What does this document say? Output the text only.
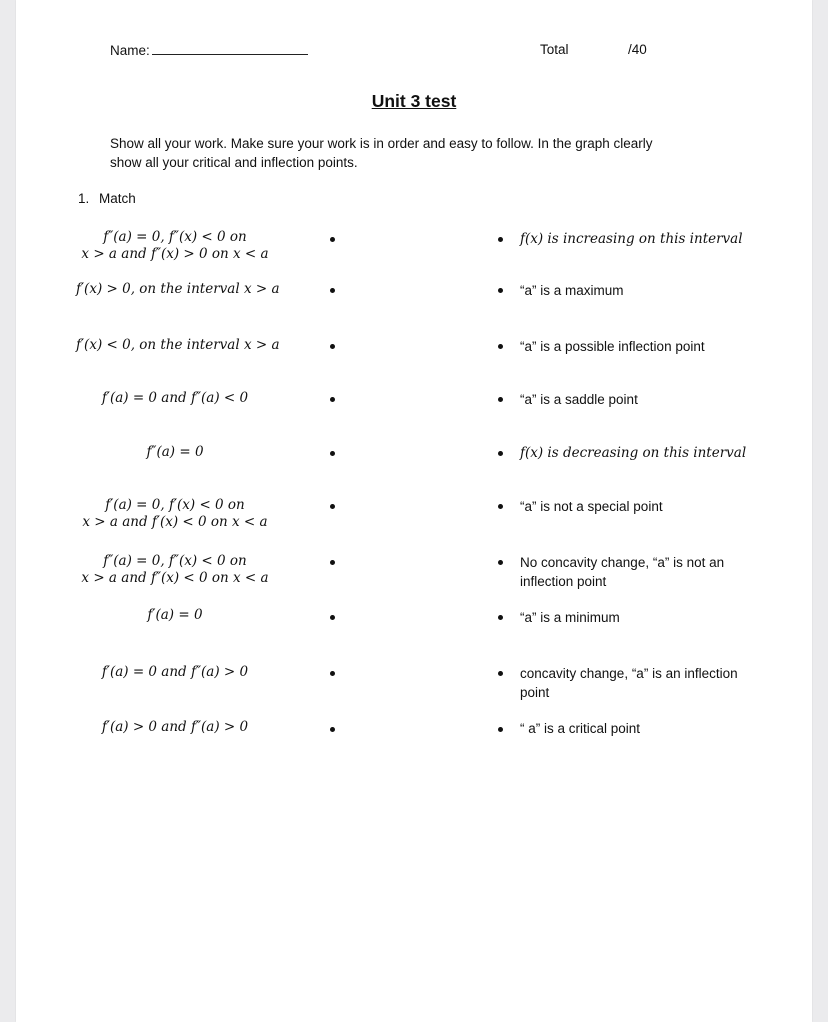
Name:	Total	/40
Unit 3 test
Show all your work. Make sure your work is in order and easy to follow. In the graph clearly
show all your critical and inflection points.
1. Match
f″(a) = 0, f″(x) < 0 on
x > a and f″(x) > 0 on x < a
f′(x) > 0, on the interval x > a
f′(x) < 0, on the interval x > a
f′(a) = 0 and f″(a) < 0
f″(a) = 0
f′(a) = 0, f′(x) < 0 on
x > a and f′(x) < 0 on x < a
f″(a) = 0, f″(x) < 0 on
x > a and f″(x) < 0 on x < a
f′(a) = 0
f′(a) = 0 and f″(a) > 0
f′(a) > 0 and f″(a) > 0
f(x) is increasing on this interval
“a” is a maximum
“a” is a possible inflection point
“a” is a saddle point
f(x) is decreasing on this interval
“a” is not a special point
No concavity change, “a” is not an
inflection point
“a” is a minimum
concavity change, “a” is an inflection
point
“ a” is a critical point
